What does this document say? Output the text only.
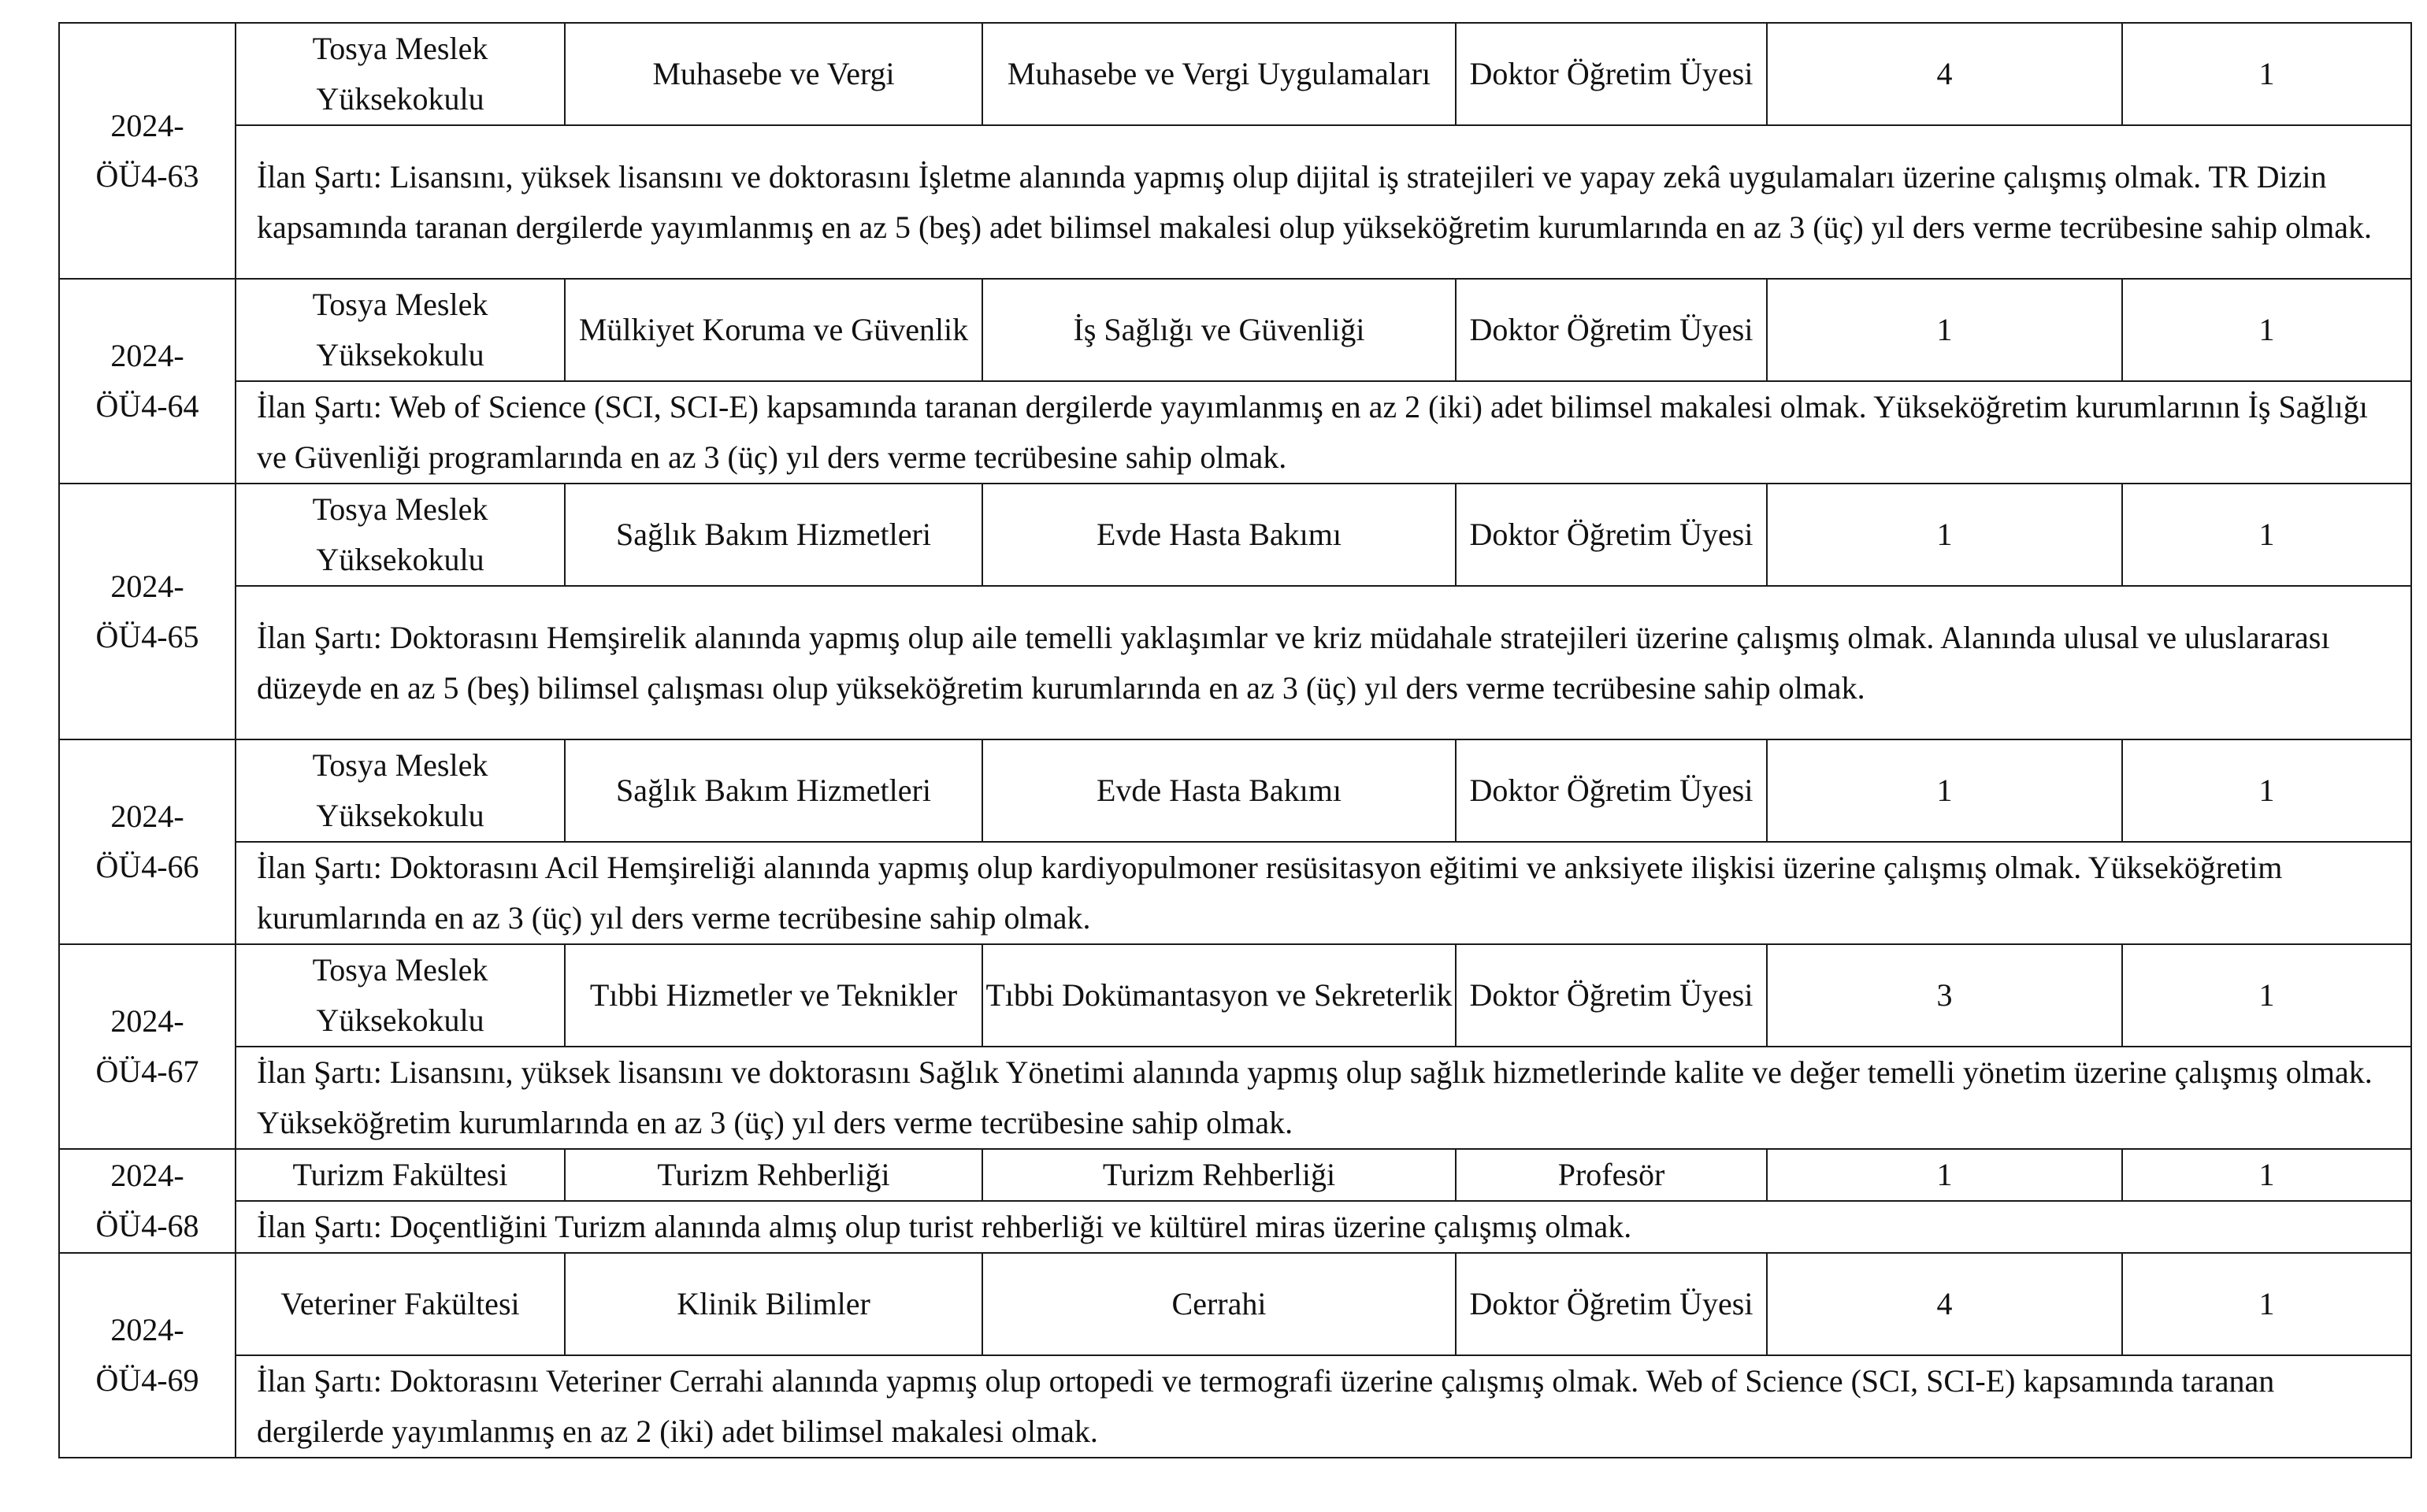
2024-
ÖÜ4-63	Tosya Meslek Yüksekokulu	Muhasebe ve Vergi	Muhasebe ve Vergi Uygulamaları	Doktor Öğretim Üyesi	4	1
	İlan Şartı: Lisansını, yüksek lisansını ve doktorasını İşletme alanında yapmış olup dijital iş stratejileri ve yapay zekâ uygulamaları üzerine çalışmış olmak. TR Dizin kapsamında taranan dergilerde yayımlanmış en az 5 (beş) adet bilimsel makalesi olup yükseköğretim kurumlarında en az 3 (üç) yıl ders verme tecrübesine sahip olmak.					

2024-
ÖÜ4-64	Tosya Meslek Yüksekokulu	Mülkiyet Koruma ve Güvenlik	İş Sağlığı ve Güvenliği	Doktor Öğretim Üyesi	1	1
	İlan Şartı: Web of Science (SCI, SCI-E) kapsamında taranan dergilerde yayımlanmış en az 2 (iki) adet bilimsel makalesi olmak. Yükseköğretim kurumlarının İş Sağlığı ve Güvenliği programlarında en az 3 (üç) yıl ders verme tecrübesine sahip olmak.					

2024-
ÖÜ4-65	Tosya Meslek Yüksekokulu	Sağlık Bakım Hizmetleri	Evde Hasta Bakımı	Doktor Öğretim Üyesi	1	1
	İlan Şartı: Doktorasını Hemşirelik alanında yapmış olup aile temelli yaklaşımlar ve kriz müdahale stratejileri üzerine çalışmış olmak. Alanında ulusal ve uluslararası düzeyde en az 5 (beş) bilimsel çalışması olup yükseköğretim kurumlarında en az 3 (üç) yıl ders verme tecrübesine sahip olmak.					

2024-
ÖÜ4-66	Tosya Meslek Yüksekokulu	Sağlık Bakım Hizmetleri	Evde Hasta Bakımı	Doktor Öğretim Üyesi	1	1
	İlan Şartı: Doktorasını Acil Hemşireliği alanında yapmış olup kardiyopulmoner resüsitasyon eğitimi ve anksiyete ilişkisi üzerine çalışmış olmak. Yükseköğretim kurumlarında en az 3 (üç) yıl ders verme tecrübesine sahip olmak.					

2024-
ÖÜ4-67	Tosya Meslek Yüksekokulu	Tıbbi Hizmetler ve Teknikler	Tıbbi Dokümantasyon ve Sekreterlik	Doktor Öğretim Üyesi	3	1
	İlan Şartı: Lisansını, yüksek lisansını ve doktorasını Sağlık Yönetimi alanında yapmış olup sağlık hizmetlerinde kalite ve değer temelli yönetim üzerine çalışmış olmak. Yükseköğretim kurumlarında en az 3 (üç) yıl ders verme tecrübesine sahip olmak.					

2024-
ÖÜ4-68	Turizm Fakültesi	Turizm Rehberliği	Turizm Rehberliği	Profesör	1	1
	İlan Şartı: Doçentliğini Turizm alanında almış olup turist rehberliği ve kültürel miras üzerine çalışmış olmak.					

2024-
ÖÜ4-69	Veteriner Fakültesi	Klinik Bilimler	Cerrahi	Doktor Öğretim Üyesi	4	1
	İlan Şartı: Doktorasını Veteriner Cerrahi alanında yapmış olup ortopedi ve termografi üzerine çalışmış olmak. Web of Science (SCI, SCI-E) kapsamında taranan dergilerde yayımlanmış en az 2 (iki) adet bilimsel makalesi olmak.					
